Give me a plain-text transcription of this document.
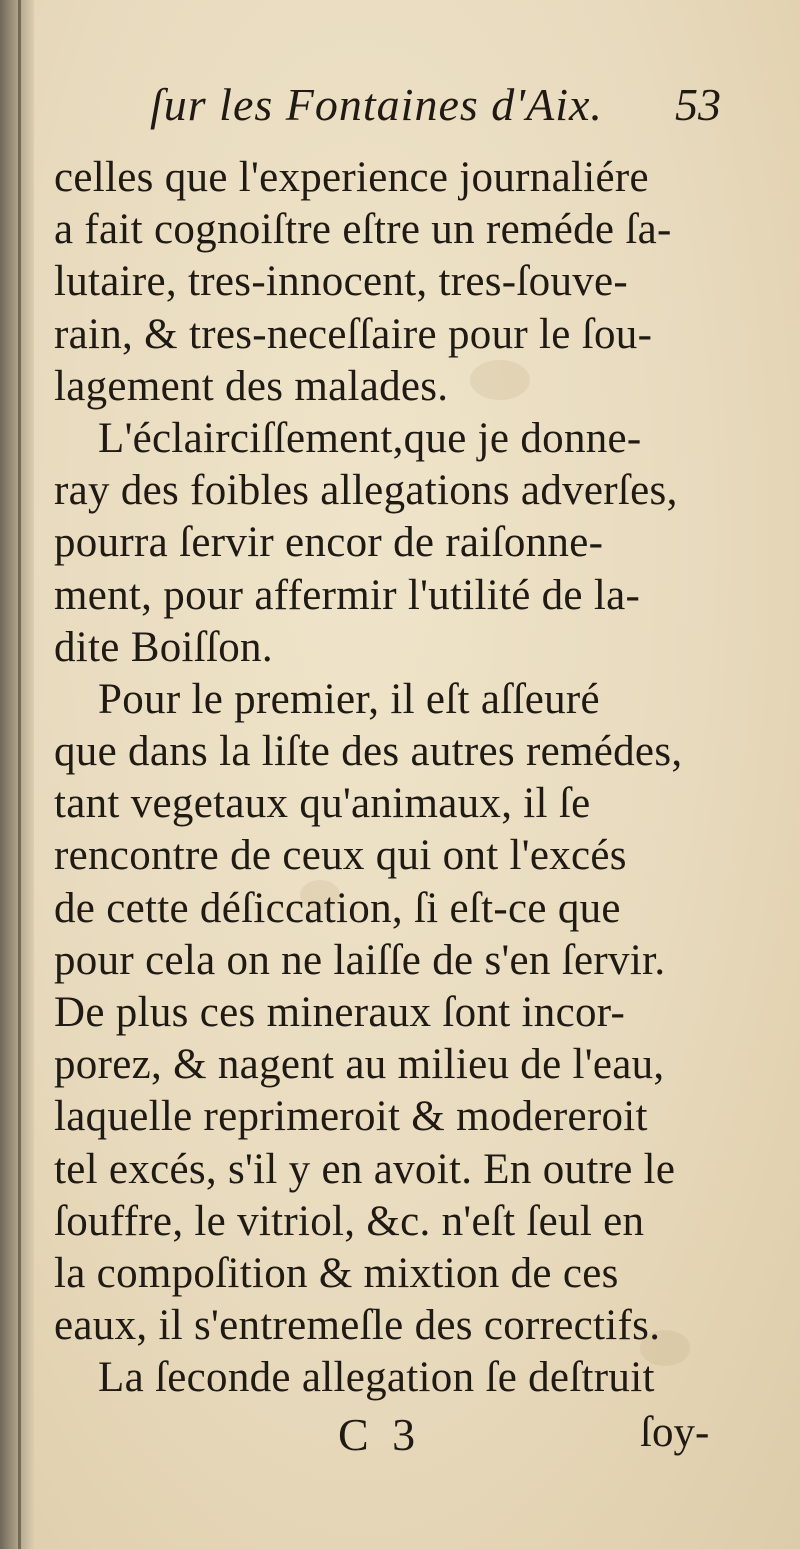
ſur les Fontaines d'Aix. 53
celles que l'experience journaliére
a fait cognoiſtre eſtre un reméde ſa-
lutaire, tres-innocent, tres-ſouve-
rain, & tres-neceſſaire pour le ſou-
lagement des malades.
L'éclairciſſement,que je donne-
ray des foibles allegations adverſes,
pourra ſervir encor de raiſonne-
ment, pour affermir l'utilité de la-
dite Boiſſon.
Pour le premier, il eſt aſſeuré
que dans la liſte des autres remédes,
tant vegetaux qu'animaux, il ſe
rencontre de ceux qui ont l'excés
de cette déſiccation, ſi eſt-ce que
pour cela on ne laiſſe de s'en ſervir.
De plus ces mineraux ſont incor-
porez, & nagent au milieu de l'eau,
laquelle reprimeroit & modereroit
tel excés, s'il y en avoit. En outre le
ſouffre, le vitriol, &c. n'eſt ſeul en
la compoſition & mixtion de ces
eaux, il s'entremeſle des correctifs.
La ſeconde allegation ſe deſtruit
C 3	ſoy-
